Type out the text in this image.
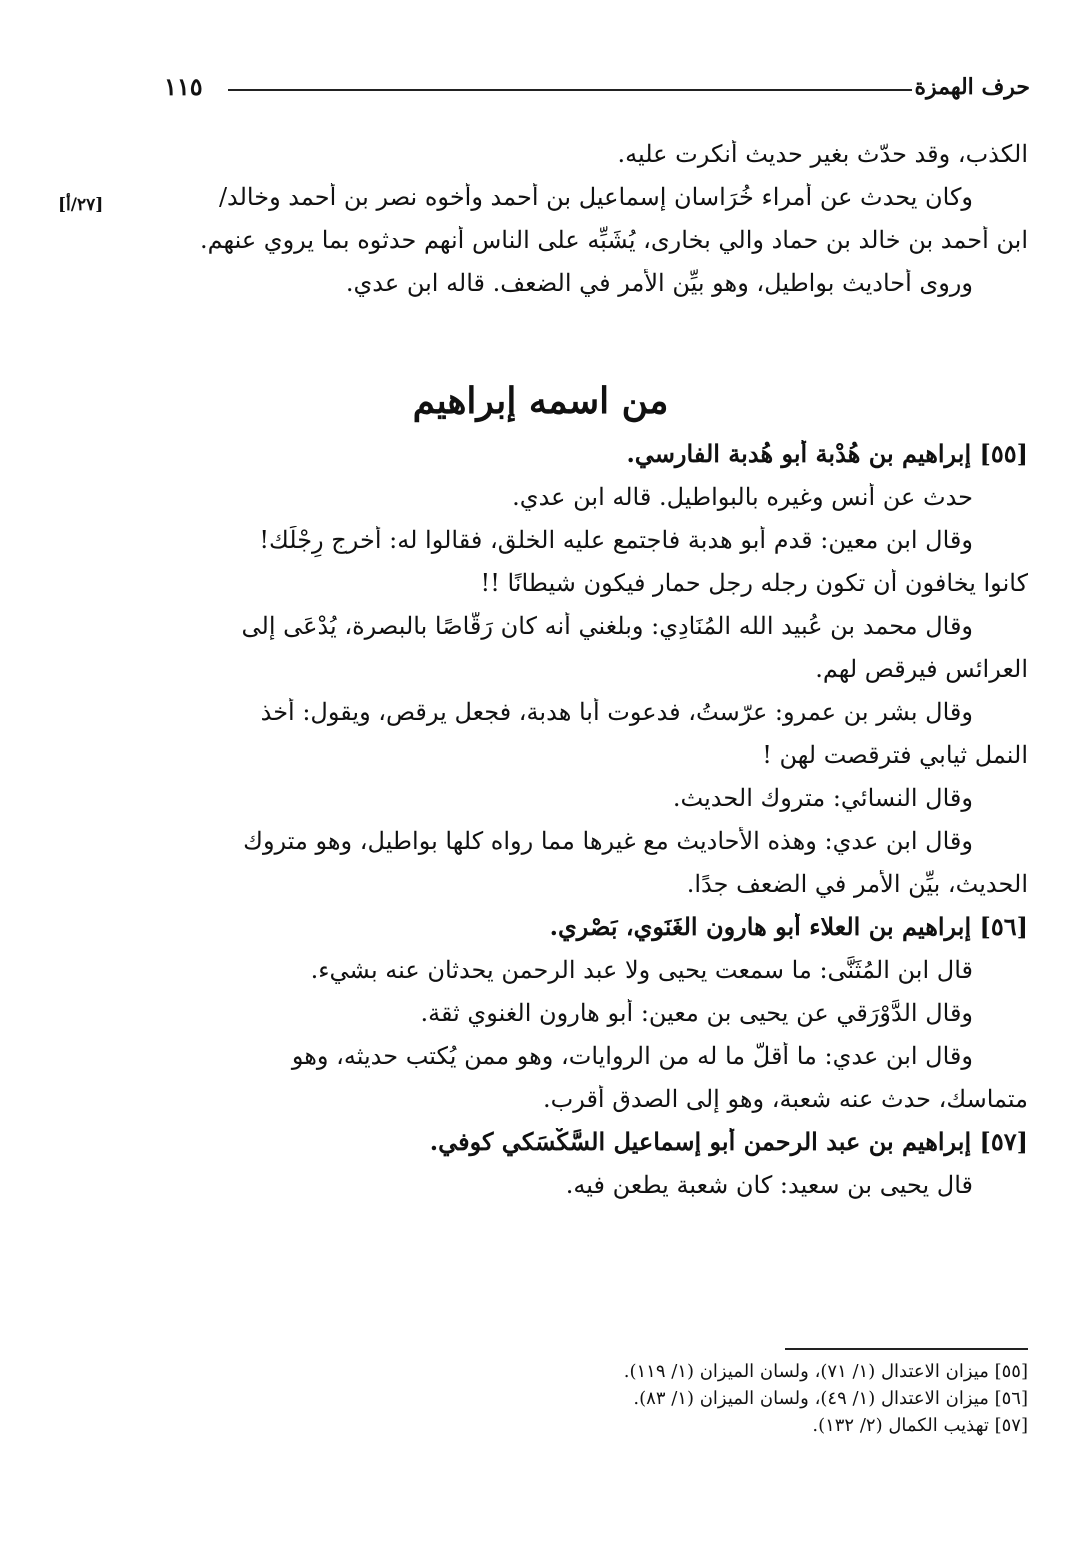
١١٥	حرف الهمزة
[٢٧/أ]
الكذب، وقد حدّث بغير حديث أُنكرت عليه.
وكان يحدث عن أمراء خُرَاسان إسماعيل بن أحمد وأخوه نصر بن أحمد وخالد/
ابن أحمد بن خالد بن حماد والي بخارى، يُشَبِّه على الناس أنهم حدثوه بما يروي عنهم.
وروى أحاديث بواطيل، وهو بيِّن الأمر في الضعف. قاله ابن عدي.
من اسمه إبراهيم
[٥٥] إبراهيم بن هُدْبة أبو هُدبة الفارسي.
حدث عن أنس وغيره بالبواطيل. قاله ابن عدي.
وقال ابن معين: قدم أبو هدبة فاجتمع عليه الخلق، فقالوا له: أخرج رِجْلَك!
كانوا يخافون أن تكون رجله رجل حمار فيكون شيطانًا !!
وقال محمد بن عُبيد الله المُنَادِي: وبلغني أنه كان رَقَّاصًا بالبصرة، يُدْعَى إلى
العرائس فيرقص لهم.
وقال بشر بن عمرو: عرّستُ، فدعوت أبا هدبة، فجعل يرقص، ويقول: أخذ
النمل ثيابي فترقصت لهن !
وقال النسائي: متروك الحديث.
وقال ابن عدي: وهذه الأحاديث مع غيرها مما رواه كلها بواطيل، وهو متروك
الحديث، بيِّن الأمر في الضعف جدًا.
[٥٦] إبراهيم بن العلاء أبو هارون الغَنَوي، بَصْري.
قال ابن المُثَنَّى: ما سمعت يحيى ولا عبد الرحمن يحدثان عنه بشيء.
وقال الدَّوْرَقي عن يحيى بن معين: أبو هارون الغنوي ثقة.
وقال ابن عدي: ما أقلَّ ما له من الروايات، وهو ممن يُكتب حديثه، وهو
متماسك، حدث عنه شعبة، وهو إلى الصدق أقرب.
[٥٧] إبراهيم بن عبد الرحمن أبو إسماعيل السَّكْسَكي كوفي.
قال يحيى بن سعيد: كان شعبة يطعن فيه.
[٥٥] ميزان الاعتدال (١/ ٧١)، ولسان الميزان (١/ ١١٩).
[٥٦] ميزان الاعتدال (١/ ٤٩)، ولسان الميزان (١/ ٨٣).
[٥٧] تهذيب الكمال (٢/ ١٣٢).
